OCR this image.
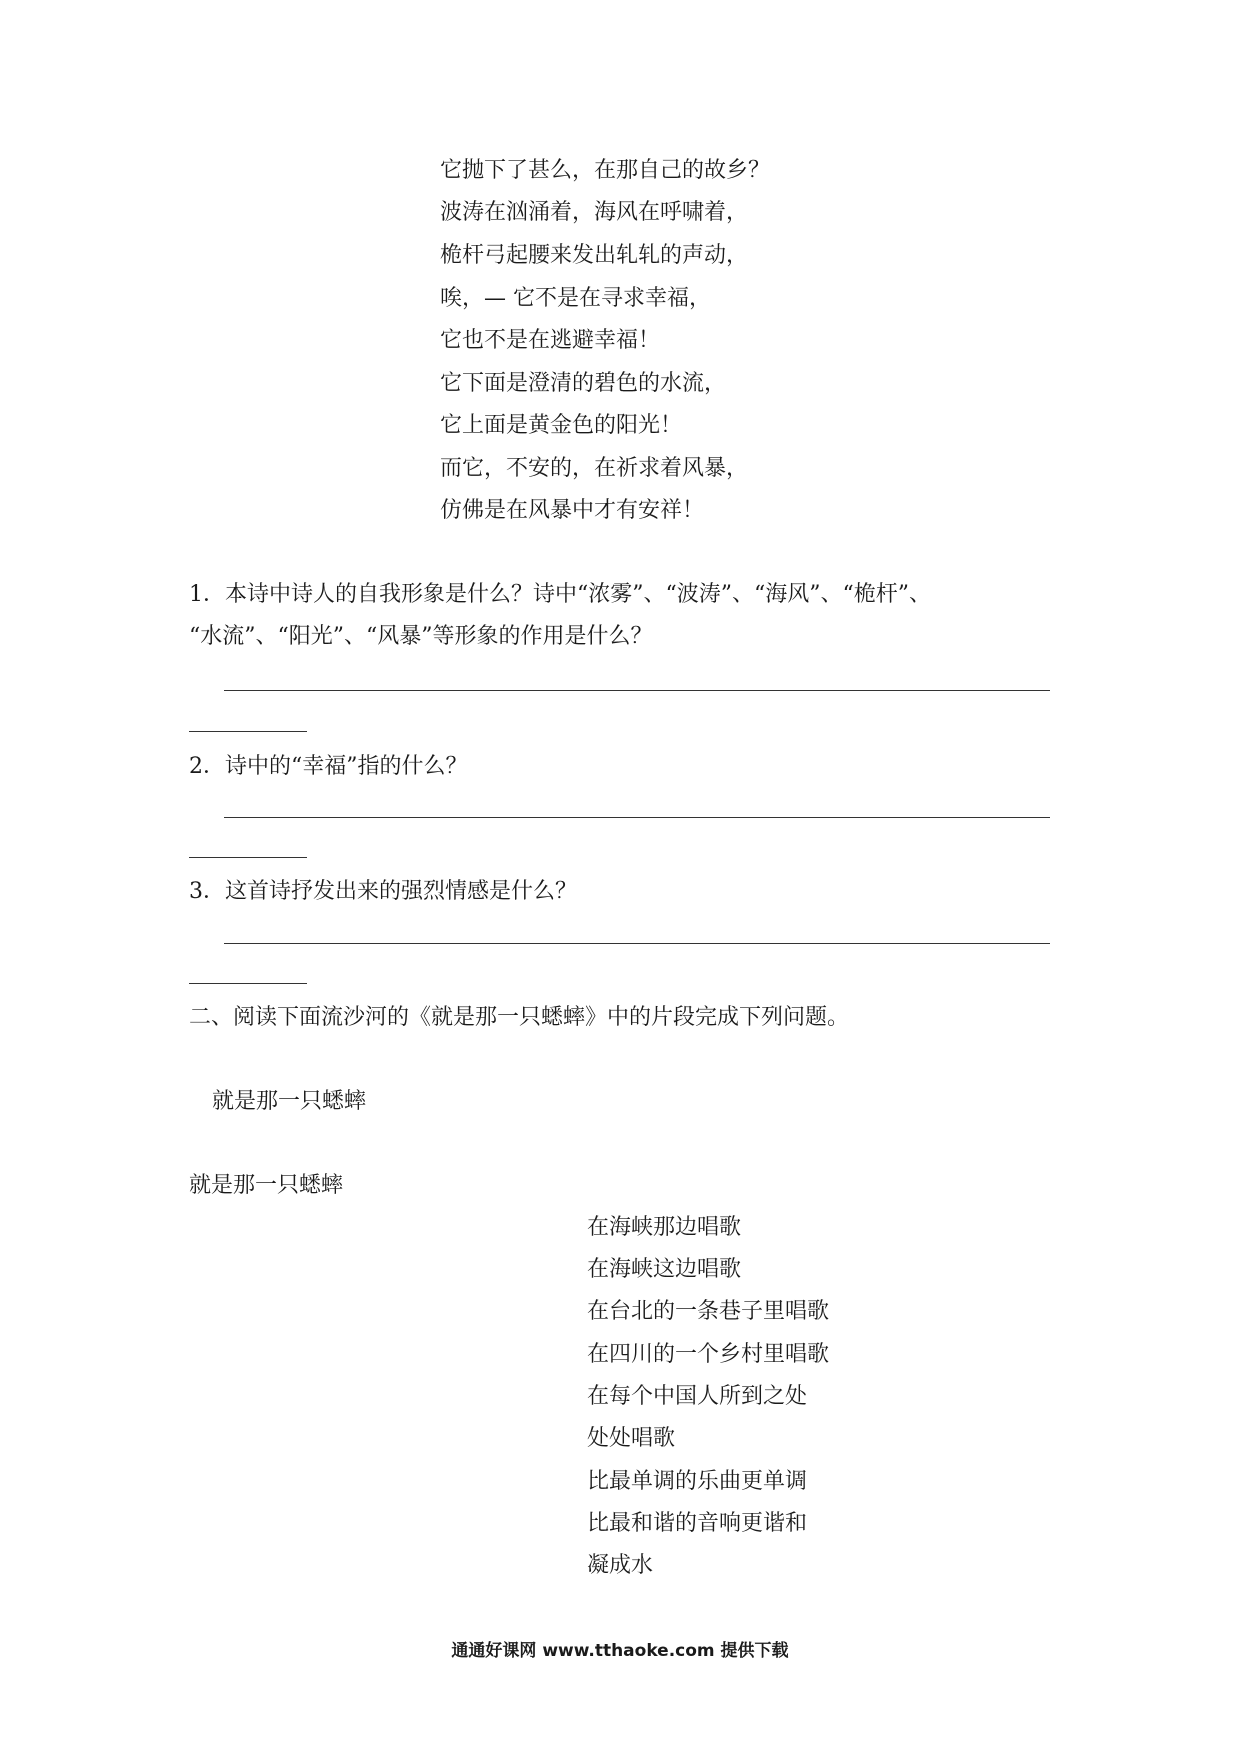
它抛下了甚么，在那自己的故乡？
波涛在汹涌着，海风在呼啸着，
桅杆弓起腰来发出轧轧的声动，
唉，— 它不是在寻求幸福，
它也不是在逃避幸福！
它下面是澄清的碧色的水流，
它上面是黄金色的阳光！
而它，不安的，在祈求着风暴，
仿佛是在风暴中才有安祥！
1．本诗中诗人的自我形象是什么？诗中“浓雾”、“波涛”、“海风”、“桅杆”、
“水流”、“阳光”、“风暴”等形象的作用是什么？
2．诗中的“幸福”指的什么？
3．这首诗抒发出来的强烈情感是什么？
二、阅读下面流沙河的《就是那一只蟋蟀》中的片段完成下列问题。
就是那一只蟋蟀
就是那一只蟋蟀
在海峡那边唱歌
在海峡这边唱歌
在台北的一条巷子里唱歌
在四川的一个乡村里唱歌
在每个中国人所到之处
处处唱歌
比最单调的乐曲更单调
比最和谐的音响更谐和
凝成水
通通好课网 www.tthaoke.com 提供下载
